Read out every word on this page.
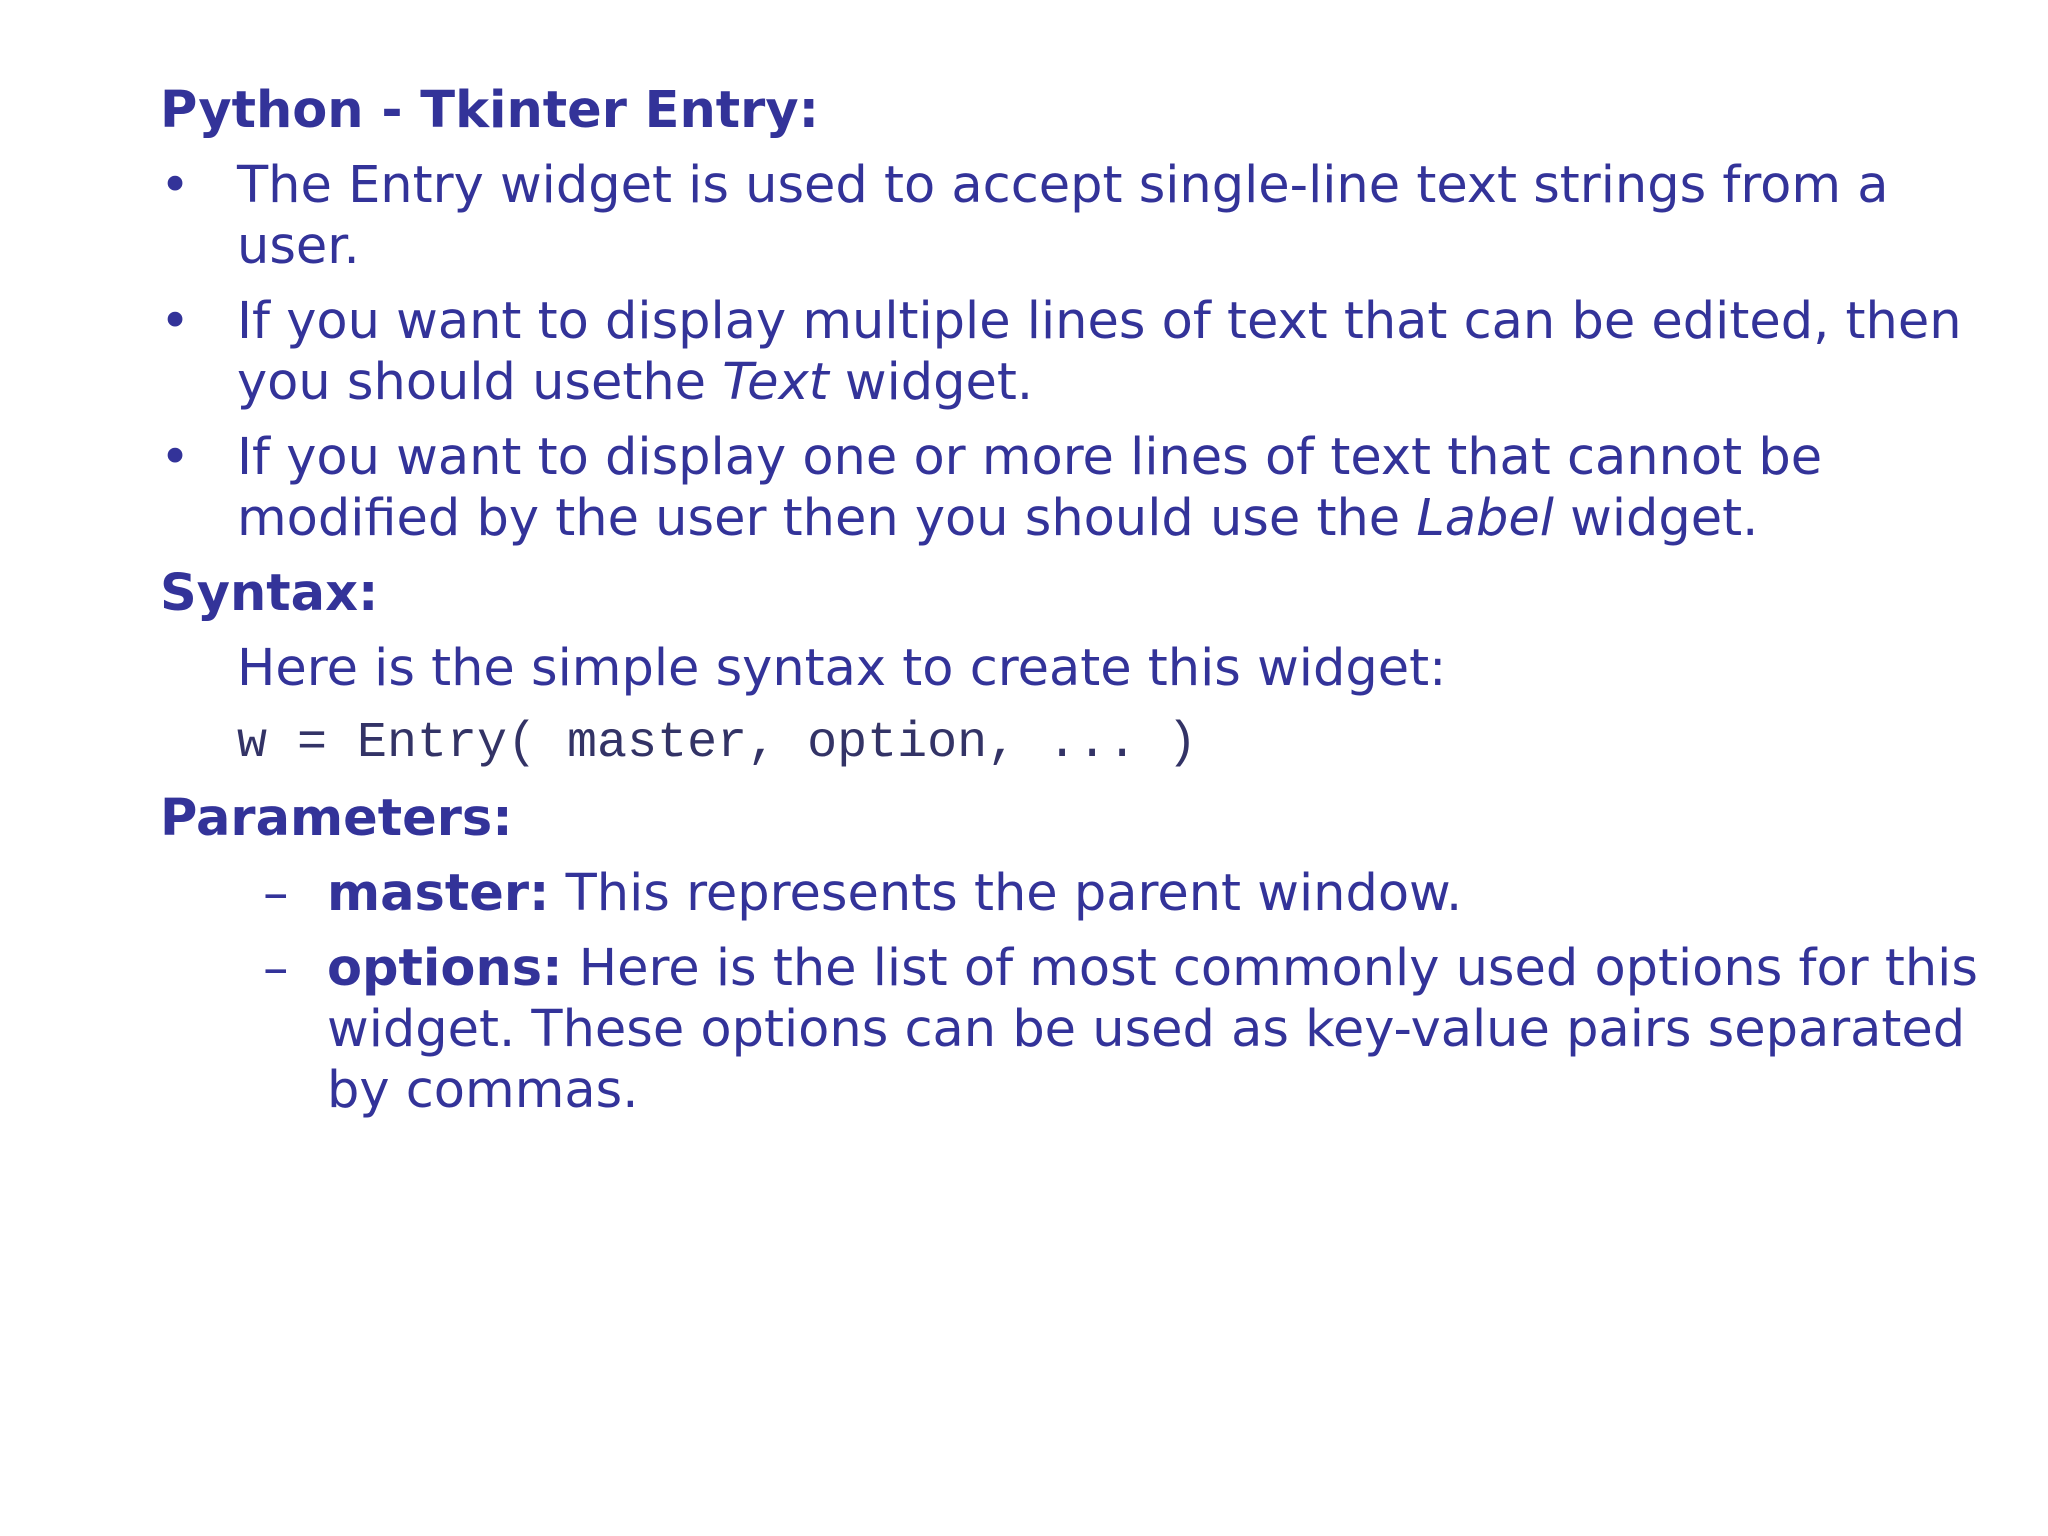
Python - Tkinter Entry:
• The Entry widget is used to accept single-line text strings from a user.
• If you want to display multiple lines of text that can be edited, then you should usethe Text widget.
• If you want to display one or more lines of text that cannot be modified by the user then you should use the Label widget.
Syntax:
Here is the simple syntax to create this widget:
w = Entry( master, option, ... )
Parameters:
– master: This represents the parent window.
– options: Here is the list of most commonly used options for this widget. These options can be used as key-value pairs separated by commas.
